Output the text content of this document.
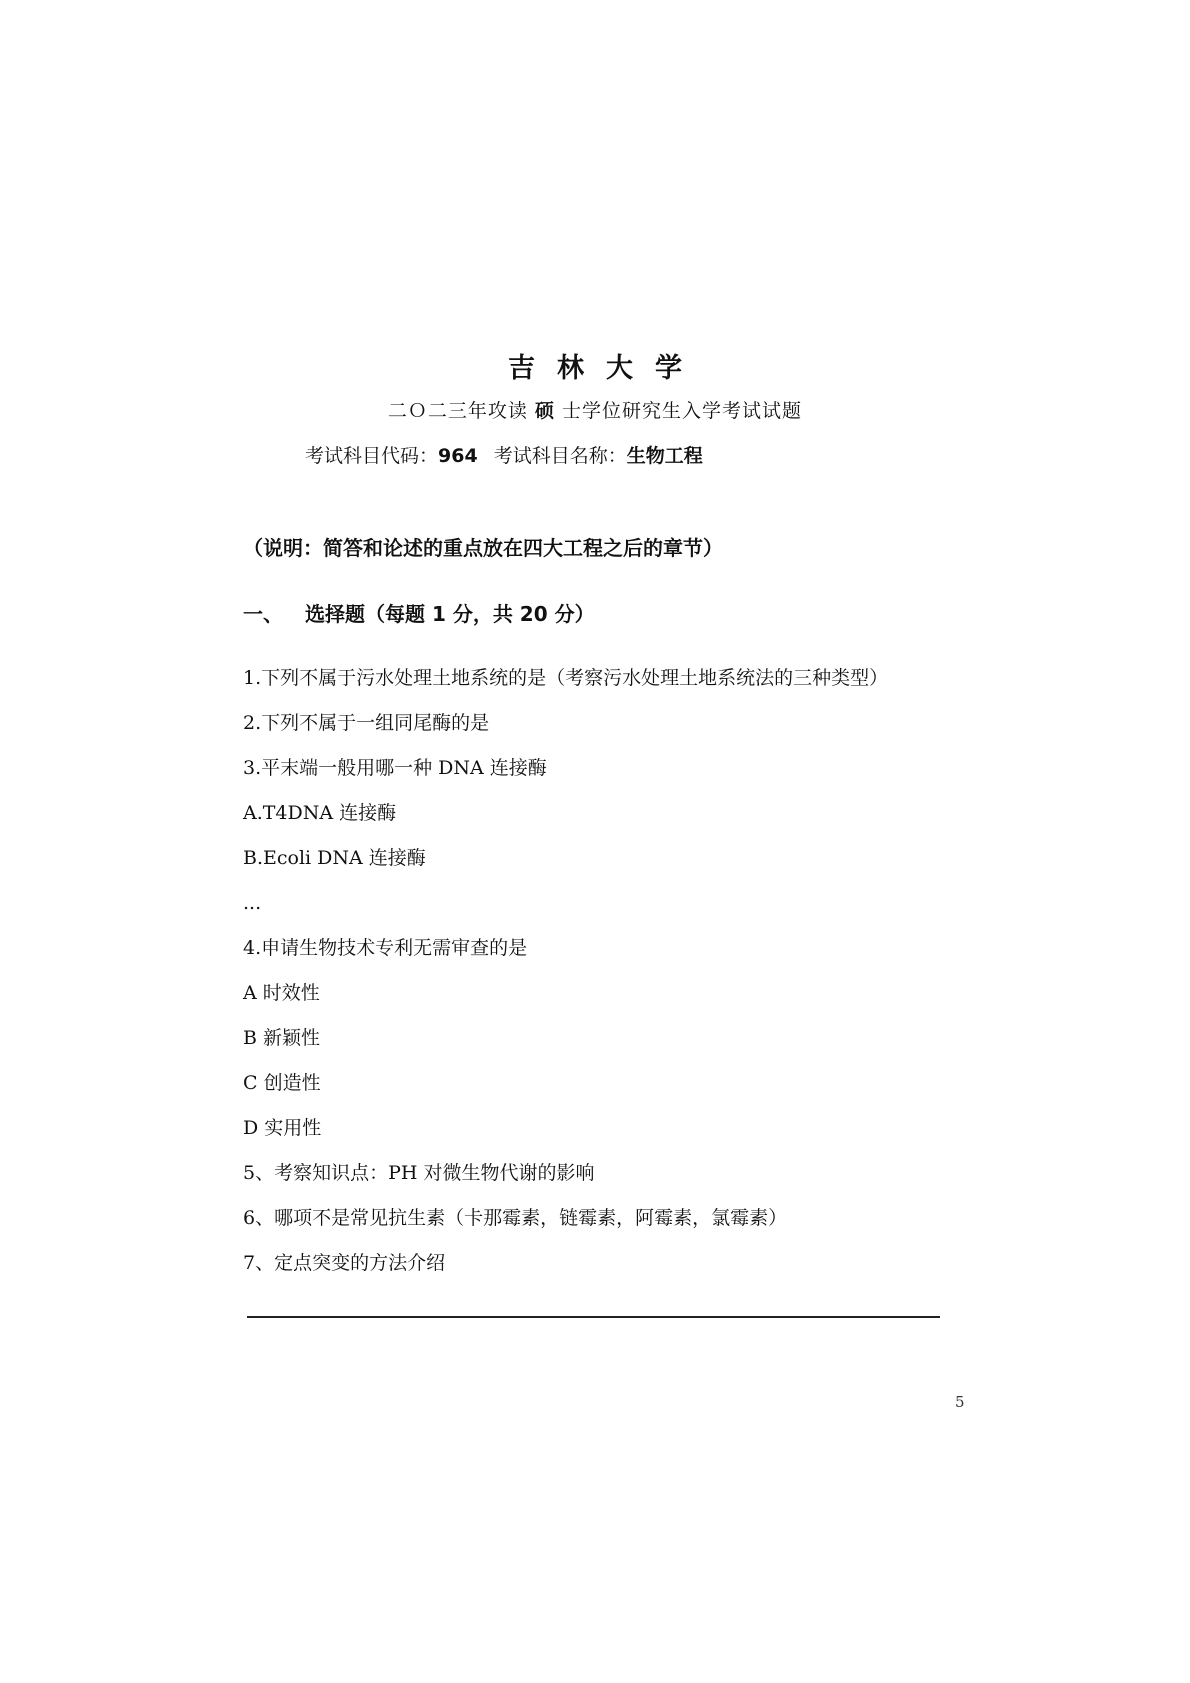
吉林大学
二Ｏ二三年攻读 硕 士学位研究生入学考试试题
考试科目代码：964 考试科目名称：生物工程
（说明：简答和论述的重点放在四大工程之后的章节）
一、 选择题（每题 1 分，共 20 分）
1.下列不属于污水处理土地系统的是（考察污水处理土地系统法的三种类型）
2.下列不属于一组同尾酶的是
3.平末端一般用哪一种 DNA 连接酶
A.T4DNA 连接酶
B.Ecoli DNA 连接酶
...
4.申请生物技术专利无需审查的是
A 时效性
B 新颖性
C 创造性
D 实用性
5、考察知识点：PH 对微生物代谢的影响
6、哪项不是常见抗生素（卡那霉素，链霉素，阿霉素，氯霉素）
7、定点突变的方法介绍
5
